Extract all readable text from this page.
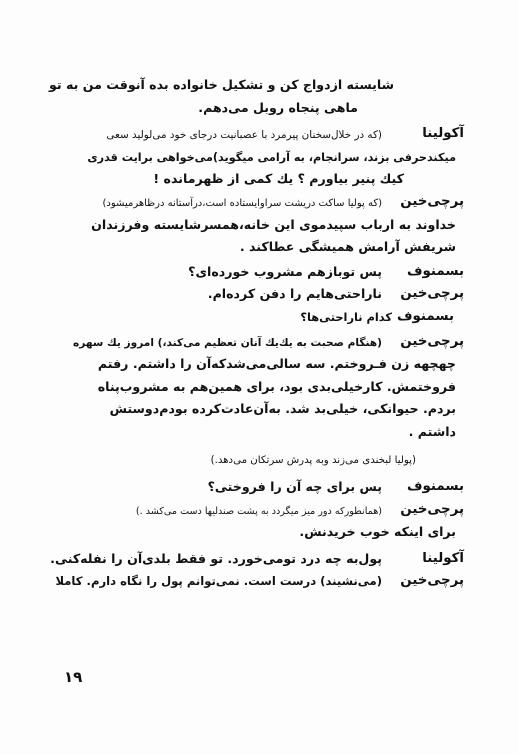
شایسته ازدواج کن و تشکیل خانواده بده آنوقت من به تو
ماهی پنجاه روبل می‌دهم.
آکولینا
(که در خلال‌سخنان پیرمرد با عصبانیت درجای خود می‌لولید سعی
میکندحرفی بزند، سرانجام، به آرامی میگوید)می‌خواهی برایت قدری
کیك پنیر بیاورم ؟ یك کمی از ظهرمانده !
پرچی‌خین
(که پولیا ساکت دریشت سراوایستاده است،درآستانه درظاهرمیشود)
خداوند به ارباب سپیدموی این خانه،همسرشایسته وفرزندان
شریفش آرامش همیشگی عطاکند .
بسمنوف
پس توبازهم مشروب خورده‌ای؟
پرچی‌خین
ناراحتی‌هایم را دفن کرده‌ام.
بسمنوف
کدام ناراحتی‌ها؟
پرچی‌خین
(هنگام صحبت به یك‌یك آنان تعظیم می‌کند،) امروز یك سهره
چهچهه زن فـروختم. سه سالی‌می‌شدکه‌آن را داشتم. رفتم
فروختمش. کارخیلی‌بدی بود، برای همین‌هم به مشروب‌پناه
بردم. حیوانکی، خیلی‌بد شد. به‌آن‌عادت‌کرده بودم‌دوستش
داشتم .
(پولیا لبخندی می‌زند وبه پدرش سرتکان می‌دهد.)
بسمنوف
پس برای چه آن را فروختی؟
پرچی‌خین
(همانطورکه دور میز میگردد به پشت صندلیها دست می‌کشد .)
برای اینکه خوب خریدنش.
آکولینا
پول‌به چه درد تومی‌خورد. تو فقط بلدی‌آن را نفله‌کنی.
پرچی‌خین
(می‌نشیند) درست است. نمی‌توانم پول را نگاه دارم. کاملا
۱۹
